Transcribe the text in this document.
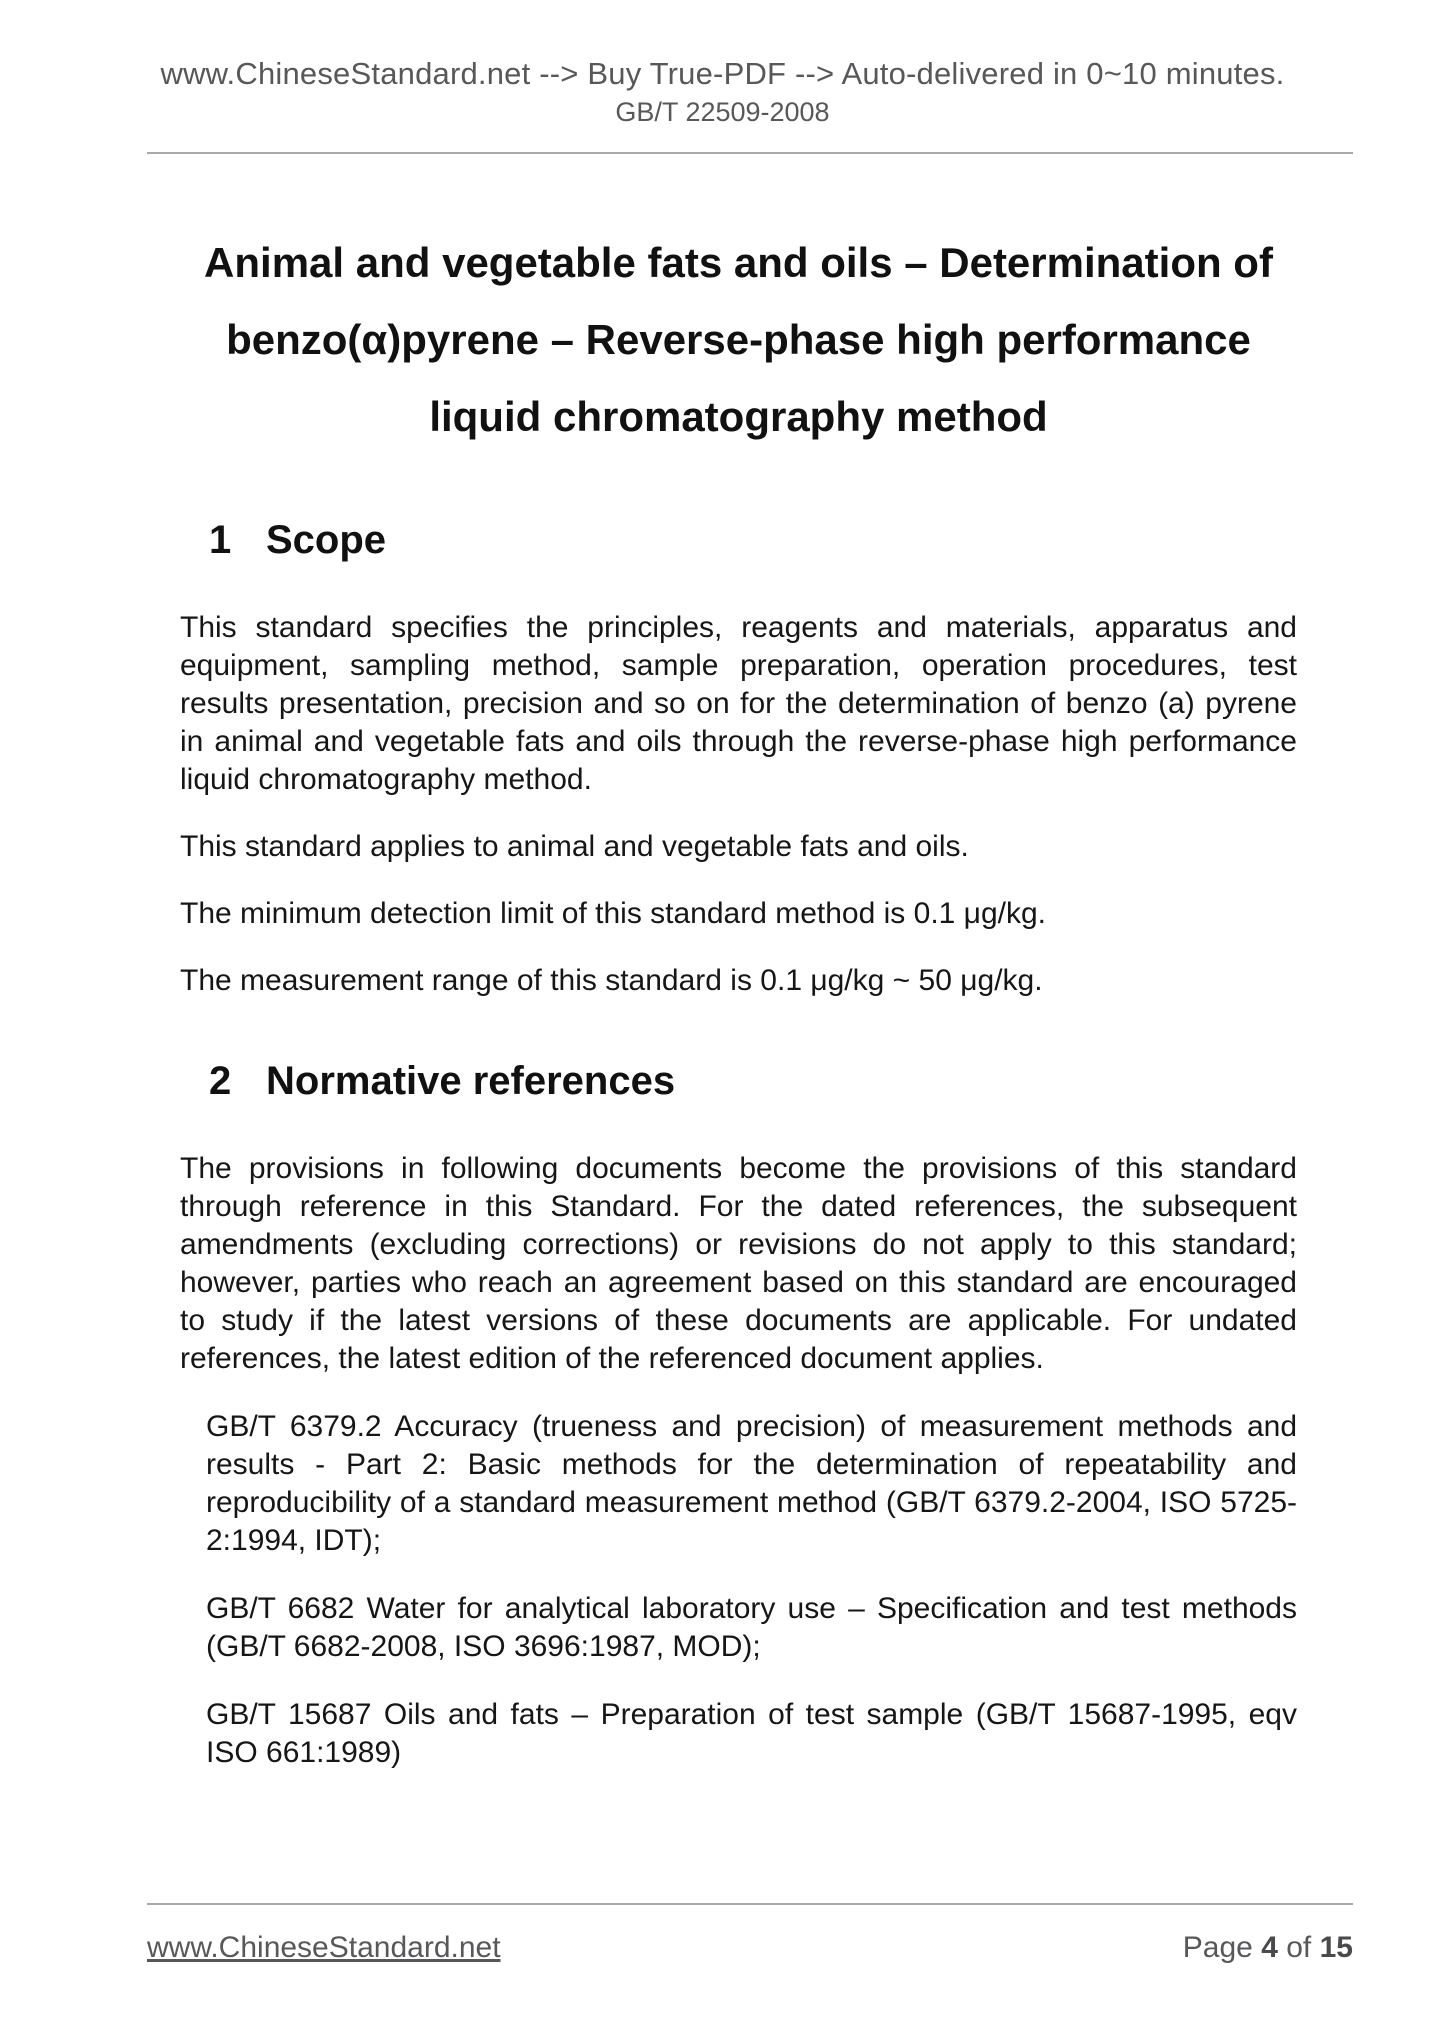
www.ChineseStandard.net --> Buy True-PDF --> Auto-delivered in 0~10 minutes.
GB/T 22509-2008
Animal and vegetable fats and oils – Determination of
benzo(α)pyrene – Reverse-phase high performance
liquid chromatography method
1 Scope

This standard specifies the principles, reagents and materials, apparatus and equipment, sampling method, sample preparation, operation procedures, test results presentation, precision and so on for the determination of benzo (a) pyrene in animal and vegetable fats and oils through the reverse-phase high performance liquid chromatography method.

This standard applies to animal and vegetable fats and oils.

The minimum detection limit of this standard method is 0.1 μg/kg.

The measurement range of this standard is 0.1 μg/kg ~ 50 μg/kg.

2 Normative references

The provisions in following documents become the provisions of this standard through reference in this Standard. For the dated references, the subsequent amendments (excluding corrections) or revisions do not apply to this standard; however, parties who reach an agreement based on this standard are encouraged to study if the latest versions of these documents are applicable. For undated references, the latest edition of the referenced document applies.

GB/T 6379.2 Accuracy (trueness and precision) of measurement methods and results - Part 2: Basic methods for the determination of repeatability and reproducibility of a standard measurement method (GB/T 6379.2-2004, ISO 5725-2:1994, IDT);

GB/T 6682 Water for analytical laboratory use – Specification and test methods (GB/T 6682-2008, ISO 3696:1987, MOD);

GB/T 15687 Oils and fats – Preparation of test sample (GB/T 15687-1995, eqv ISO 661:1989)

www.ChineseStandard.net	Page 4 of 15
